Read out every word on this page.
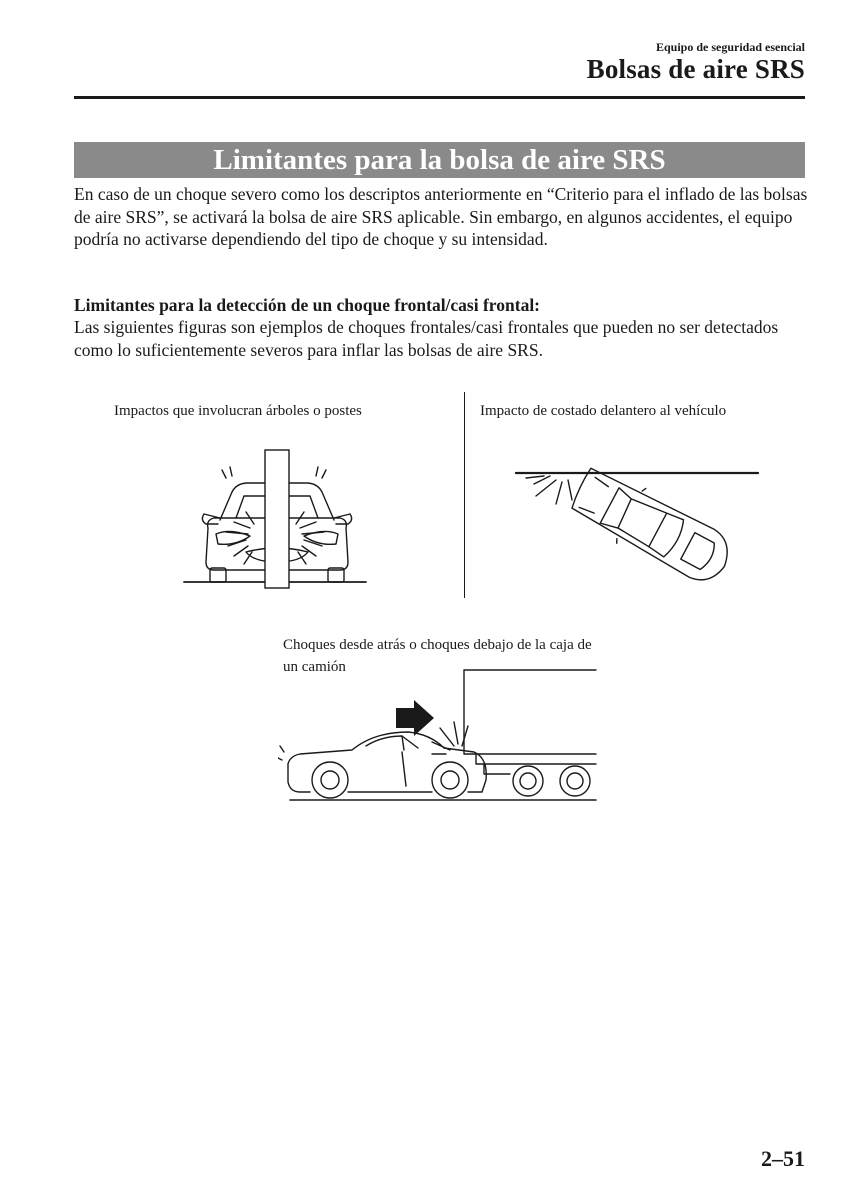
Equipo de seguridad esencial
Bolsas de aire SRS
Limitantes para la bolsa de aire SRS

En caso de un choque severo como los descriptos anteriormente en “Criterio para el inflado de las bolsas de aire SRS”, se activará la bolsa de aire SRS aplicable. Sin embargo, en algunos accidentes, el equipo podría no activarse dependiendo del tipo de choque y su intensidad.

Limitantes para la detección de un choque frontal/casi frontal:

Las siguientes figuras son ejemplos de choques frontales/casi frontales que pueden no ser detectados como lo suficientemente severos para inflar las bolsas de aire SRS.

Impactos que involucran árboles o postes	Impacto de costado delantero al vehículo
Choques desde atrás o choques debajo de la caja de un camión
2–51
